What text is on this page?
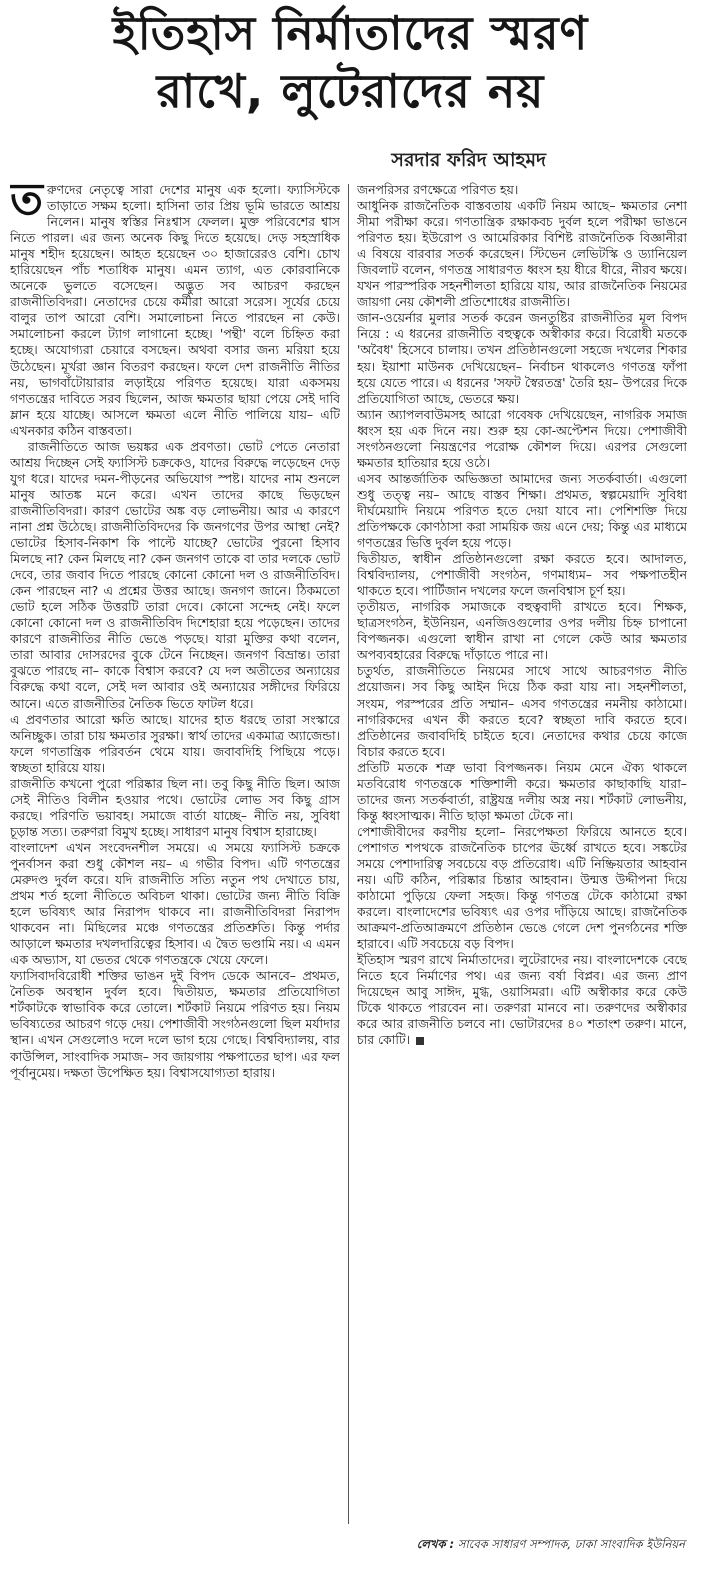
ইতিহাস নির্মাতাদের স্মরণ
রাখে, লুটেরাদের নয়

সরদার ফরিদ আহমদ

তরুণদের নেতৃত্বে সারা দেশের মানুষ এক হলো। ফ্যাসিস্টকে তাড়াতে সক্ষম হলো। হাসিনা তার প্রিয় ভূমি ভারতে আশ্রয় নিলেন। মানুষ স্বস্তির নিঃশ্বাস ফেলল। মুক্ত পরিবেশের শ্বাস নিতে পারল। এর জন্য অনেক কিছু দিতে হয়েছে। দেড় সহস্রাধিক মানুষ শহীদ হয়েছেন। আহত হয়েছেন ৩০ হাজারেরও বেশি। চোখ হারিয়েছেন পাঁচ শতাধিক মানুষ। এমন ত্যাগ, এত কোরবানিকে অনেকে ভুলতে বসেছেন। অদ্ভুত সব আচরণ করছেন রাজনীতিবিদরা। নেতাদের চেয়ে কর্মীরা আরো সরেস। সূর্যের চেয়ে বালুর তাপ আরো বেশি। সমালোচনা নিতে পারছেন না কেউ। সমালোচনা করলে ট্যাগ লাগানো হচ্ছে। 'পন্থী' বলে চিহ্নিত করা হচ্ছে। অযোগ্যরা চেয়ারে বসছেন। অথবা বসার জন্য মরিয়া হয়ে উঠেছেন। মূর্খরা জ্ঞান বিতরণ করছেন। ফলে দেশ রাজনীতি নীতির নয়, ভাগবাঁটোয়ারার লড়াইয়ে পরিণত হয়েছে। যারা একসময় গণতন্ত্রের দাবিতে সরব ছিলেন, আজ ক্ষমতার ছায়া পেয়ে সেই দাবি ম্লান হয়ে যাচ্ছে। আসলে ক্ষমতা এলে নীতি পালিয়ে যায়– এটি এখনকার কঠিন বাস্তবতা।

রাজনীতিতে আজ ভয়ঙ্কর এক প্রবণতা। ভোট পেতে নেতারা আশ্রয় দিচ্ছেন সেই ফ্যাসিস্ট চক্রকেও, যাদের বিরুদ্ধে লড়েছেন দেড় যুগ ধরে। যাদের দমন-পীড়নের অভিযোগ স্পষ্ট। যাদের নাম শুনলে মানুষ আতঙ্ক মনে করে। এখন তাদের কাছে ভিড়ছেন রাজনীতিবিদরা। কারণ ভোটের অঙ্ক বড় লোভনীয়। আর এ কারণে নানা প্রশ্ন উঠেছে। রাজনীতিবিদদের কি জনগণের উপর আস্থা নেই? ভোটের হিসাব-নিকাশ কি পাল্টে যাচ্ছে? ভোটের পুরনো হিসাব মিলছে না? কেন মিলছে না? কেন জনগণ তাকে বা তার দলকে ভোট দেবে, তার জবাব দিতে পারছে কোনো কোনো দল ও রাজনীতিবিদ। কেন পারছেন না? এ প্রশ্নের উত্তর আছে। জনগণ জানে। ঠিকমতো ভোট হলে সঠিক উত্তরটি তারা দেবে। কোনো সন্দেহ নেই। ফলে কোনো কোনো দল ও রাজনীতিবিদ দিশেহারা হয়ে পড়েছেন। তাদের কারণে রাজনীতির নীতি ভেঙে পড়ছে। যারা মুক্তির কথা বলেন, তারা আবার দোসরদের বুকে টেনে নিচ্ছেন। জনগণ বিভ্রান্ত। তারা বুঝতে পারছে না– কাকে বিশ্বাস করবে? যে দল অতীতের অন্যায়ের বিরুদ্ধে কথা বলে, সেই দল আবার ওই অন্যায়ের সঙ্গীদের ফিরিয়ে আনে। এতে রাজনীতির নৈতিক ভিতে ফাটল ধরে।

এ প্রবণতার আরো ক্ষতি আছে। যাদের হাত ধরছে তারা সংস্কারে অনিচ্ছুক। তারা চায় ক্ষমতার সুরক্ষা। স্বার্থ তাদের একমাত্র অ্যাজেন্ডা। ফলে গণতান্ত্রিক পরিবর্তন থেমে যায়। জবাবদিহি পিছিয়ে পড়ে। স্বচ্ছতা হারিয়ে যায়।

রাজনীতি কখনো পুরো পরিষ্কার ছিল না। তবু কিছু নীতি ছিল। আজ সেই নীতিও বিলীন হওয়ার পথে। ভোটের লোভ সব কিছু গ্রাস করছে। পরিণতি ভয়াবহ। সমাজে বার্তা যাচ্ছে– নীতি নয়, সুবিধা চূড়ান্ত সত্য। তরুণরা বিমুখ হচ্ছে। সাধারণ মানুষ বিশ্বাস হারাচ্ছে।

বাংলাদেশ এখন সংবেদনশীল সময়ে। এ সময়ে ফ্যাসিস্ট চক্রকে পুনর্বাসন করা শুধু কৌশল নয়– এ গভীর বিপদ। এটি গণতন্ত্রের মেরুদণ্ড দুর্বল করে। যদি রাজনীতি সত্যি নতুন পথ দেখাতে চায়, প্রথম শর্ত হলো নীতিতে অবিচল থাকা। ভোটের জন্য নীতি বিক্রি হলে ভবিষ্যৎ আর নিরাপদ থাকবে না। রাজনীতিবিদরা নিরাপদ থাকবেন না। মিছিলের মঞ্চে গণতন্ত্রের প্রতিশ্রুতি। কিন্তু পর্দার আড়ালে ক্ষমতার দখলদারিত্বের হিসাব। এ দ্বৈত ভণ্ডামি নয়। এ এমন এক অভ্যাস, যা ভেতর থেকে গণতন্ত্রকে খেয়ে ফেলে।

ফ্যাসিবাদবিরোধী শক্তির ভাঙন দুই বিপদ ডেকে আনবে– প্রথমত, নৈতিক অবস্থান দুর্বল হবে। দ্বিতীয়ত, ক্ষমতার প্রতিযোগিতা শর্টকাটকে স্বাভাবিক করে তোলে। শর্টকাট নিয়মে পরিণত হয়। নিয়ম ভবিষ্যতের আচরণ গড়ে দেয়। পেশাজীবী সংগঠনগুলো ছিল মর্যাদার স্থান। এখন সেগুলোও দলে দলে ভাগ হয়ে গেছে। বিশ্ববিদ্যালয়, বার কাউন্সিল, সাংবাদিক সমাজ– সব জায়গায় পক্ষপাতের ছাপ। এর ফল পূর্বানুমেয়। দক্ষতা উপেক্ষিত হয়। বিশ্বাসযোগ্যতা হারায়।

জনপরিসর রণক্ষেত্রে পরিণত হয়।

আধুনিক রাজনৈতিক বাস্তবতায় একটি নিয়ম আছে– ক্ষমতার নেশা সীমা পরীক্ষা করে। গণতান্ত্রিক রক্ষাকবচ দুর্বল হলে পরীক্ষা ভাঙনে পরিণত হয়। ইউরোপ ও আমেরিকার বিশিষ্ট রাজনৈতিক বিজ্ঞানীরা এ বিষয়ে বারবার সতর্ক করেছেন। স্টিভেন লেভিটস্কি ও ড্যানিয়েল জিবলাট বলেন, গণতন্ত্র সাধারণত ধ্বংস হয় ধীরে ধীরে, নীরব ক্ষয়ে। যখন পারস্পরিক সহনশীলতা হারিয়ে যায়, আর রাজনৈতিক নিয়মের জায়গা নেয় কৌশলী প্রতিশোধের রাজনীতি।

জান-ওয়ের্নার মুলার সতর্ক করেন জনতুষ্টির রাজনীতির মূল বিপদ নিয়ে : এ ধরনের রাজনীতি বহুত্বকে অস্বীকার করে। বিরোধী মতকে 'অবৈধ' হিসেবে চালায়। তখন প্রতিষ্ঠানগুলো সহজে দখলের শিকার হয়। ইয়াশা মাউনক দেখিয়েছেন– নির্বাচন থাকলেও গণতন্ত্র ফাঁপা হয়ে যেতে পারে। এ ধরনের 'সফট স্বৈরতন্ত্র' তৈরি হয়– উপরের দিকে প্রতিযোগিতা আছে, ভেতরে ক্ষয়।

অ্যান অ্যাপলবাউমসহ আরো গবেষক দেখিয়েছেন, নাগরিক সমাজ ধ্বংস হয় এক দিনে নয়। শুরু হয় কো-অপ্টেশন দিয়ে। পেশাজীবী সংগঠনগুলো নিয়ন্ত্রণের পরোক্ষ কৌশল দিয়ে। এরপর সেগুলো ক্ষমতার হাতিয়ার হয়ে ওঠে।

এসব আন্তর্জাতিক অভিজ্ঞতা আমাদের জন্য সতর্কবার্তা। এগুলো শুধু তত্ত্ব নয়– আছে বাস্তব শিক্ষা। প্রথমত, স্বল্পমেয়াদি সুবিধা দীর্ঘমেয়াদি নিয়মে পরিণত হতে দেয়া যাবে না। পেশিশক্তি দিয়ে প্রতিপক্ষকে কোণঠাসা করা সাময়িক জয় এনে দেয়; কিন্তু এর মাধ্যমে গণতন্ত্রের ভিত্তি দুর্বল হয়ে পড়ে।

দ্বিতীয়ত, স্বাধীন প্রতিষ্ঠানগুলো রক্ষা করতে হবে। আদালত, বিশ্ববিদ্যালয়, পেশাজীবী সংগঠন, গণমাধ্যম– সব পক্ষপাতহীন থাকতে হবে। পার্টিজান দখলের ফলে জনবিশ্বাস চূর্ণ হয়।

তৃতীয়ত, নাগরিক সমাজকে বহুত্ববাদী রাখতে হবে। শিক্ষক, ছাত্রসংগঠন, ইউনিয়ন, এনজিওগুলোর ওপর দলীয় চিহ্ন চাপানো বিপজ্জনক। এগুলো স্বাধীন রাখা না গেলে কেউ আর ক্ষমতার অপব্যবহারের বিরুদ্ধে দাঁড়াতে পারে না।

চতুর্থত, রাজনীতিতে নিয়মের সাথে সাথে আচরণগত নীতি প্রয়োজন। সব কিছু আইন দিয়ে ঠিক করা যায় না। সহনশীলতা, সংযম, পরস্পরের প্রতি সম্মান– এসব গণতন্ত্রের নমনীয় কাঠামো। নাগরিকদের এখন কী করতে হবে? স্বচ্ছতা দাবি করতে হবে। প্রতিষ্ঠানের জবাবদিহি চাইতে হবে। নেতাদের কথার চেয়ে কাজে বিচার করতে হবে।

প্রতিটি মতকে শত্রু ভাবা বিপজ্জনক। নিয়ম মেনে ঐক্য থাকলে মতবিরোধ গণতন্ত্রকে শক্তিশালী করে। ক্ষমতার কাছাকাছি যারা– তাদের জন্য সতর্কবার্তা, রাষ্ট্রযন্ত্র দলীয় অস্ত্র নয়। শর্টকাট লোভনীয়, কিন্তু ধ্বংসাত্মক। নীতি ছাড়া ক্ষমতা টেকে না।

পেশাজীবীদের করণীয় হলো– নিরপেক্ষতা ফিরিয়ে আনতে হবে। পেশাগত শপথকে রাজনৈতিক চাপের ঊর্ধ্বে রাখতে হবে। সঙ্কটের সময়ে পেশাদারিত্ব সবচেয়ে বড় প্রতিরোধ। এটি নিষ্ক্রিয়তার আহবান নয়। এটি কঠিন, পরিষ্কার চিন্তার আহবান। উন্মত্ত উদ্দীপনা দিয়ে কাঠামো পুড়িয়ে ফেলা সহজ। কিন্তু গণতন্ত্র টেকে কাঠামো রক্ষা করলে। বাংলাদেশের ভবিষ্যৎ এর ওপর দাঁড়িয়ে আছে। রাজনৈতিক আক্রমণ-প্রতিআক্রমণে প্রতিষ্ঠান ভেঙে গেলে দেশ পুনর্গঠনের শক্তি হারাবে। এটি সবচেয়ে বড় বিপদ।

ইতিহাস স্মরণ রাখে নির্মাতাদের। লুটেরাদের নয়। বাংলাদেশকে বেছে নিতে হবে নির্মাণের পথ। এর জন্য বর্ষা বিপ্লব। এর জন্য প্রাণ দিয়েছেন আবু সাঈদ, মুগ্ধ, ওয়াসিমরা। এটি অস্বীকার করে কেউ টিকে থাকতে পারবেন না। তরুণরা মানবে না। তরুণদের অস্বীকার করে আর রাজনীতি চলবে না। ভোটারদের ৪০ শতাংশ তরুণ। মানে, চার কোটি।

লেখক : সাবেক সাধারণ সম্পাদক, ঢাকা সাংবাদিক ইউনিয়ন
